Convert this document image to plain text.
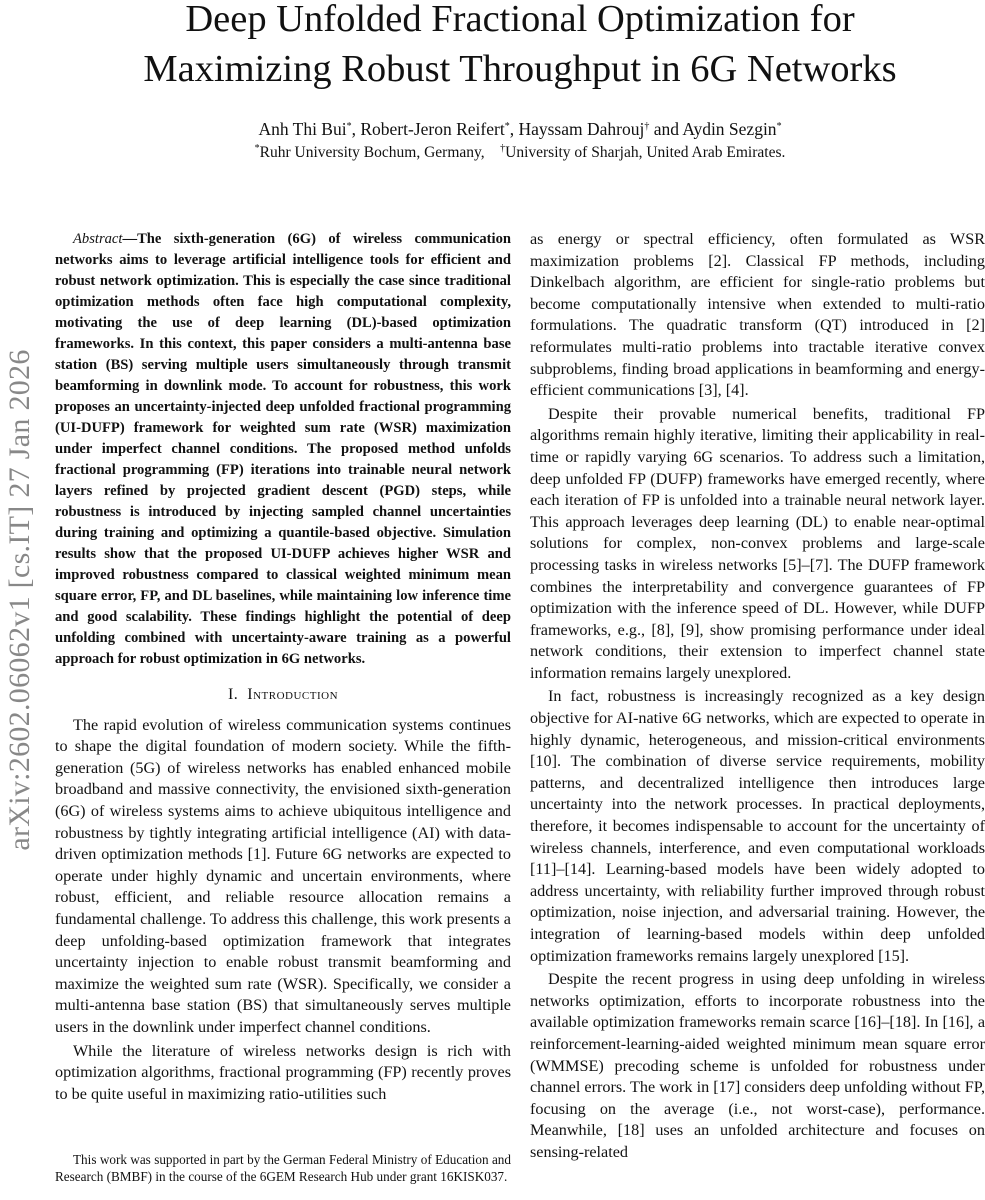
Deep Unfolded Fractional Optimization for
Maximizing Robust Throughput in 6G Networks
Anh Thi Bui*, Robert-Jeron Reifert*, Hayssam Dahrouj† and Aydin Sezgin*
*Ruhr University Bochum, Germany, †University of Sharjah, United Arab Emirates.
arXiv:2602.06062v1 [cs.IT] 27 Jan 2026

Abstract—The sixth-generation (6G) of wireless communication networks aims to leverage artificial intelligence tools for efficient and robust network optimization. This is especially the case since traditional optimization methods often face high computational complexity, motivating the use of deep learning (DL)-based optimization frameworks. In this context, this paper considers a multi-antenna base station (BS) serving multiple users simultaneously through transmit beamforming in downlink mode. To account for robustness, this work proposes an uncertainty-injected deep unfolded fractional programming (UI-DUFP) framework for weighted sum rate (WSR) maximization under imperfect channel conditions. The proposed method unfolds fractional programming (FP) iterations into trainable neural network layers refined by projected gradient descent (PGD) steps, while robustness is introduced by injecting sampled channel uncertainties during training and optimizing a quantile-based objective. Simulation results show that the proposed UI-DUFP achieves higher WSR and improved robustness compared to classical weighted minimum mean square error, FP, and DL baselines, while maintaining low inference time and good scalability. These findings highlight the potential of deep unfolding combined with uncertainty-aware training as a powerful approach for robust optimization in 6G networks.

I. Introduction

The rapid evolution of wireless communication systems continues to shape the digital foundation of modern society. While the fifth-generation (5G) of wireless networks has enabled enhanced mobile broadband and massive connectivity, the envisioned sixth-generation (6G) of wireless systems aims to achieve ubiquitous intelligence and robustness by tightly integrating artificial intelligence (AI) with data-driven optimization methods [1]. Future 6G networks are expected to operate under highly dynamic and uncertain environments, where robust, efficient, and reliable resource allocation remains a fundamental challenge. To address this challenge, this work presents a deep unfolding-based optimization framework that integrates uncertainty injection to enable robust transmit beamforming and maximize the weighted sum rate (WSR). Specifically, we consider a multi-antenna base station (BS) that simultaneously serves multiple users in the downlink under imperfect channel conditions.

While the literature of wireless networks design is rich with optimization algorithms, fractional programming (FP) recently proves to be quite useful in maximizing ratio-utilities such

This work was supported in part by the German Federal Ministry of Education and Research (BMBF) in the course of the 6GEM Research Hub under grant 16KISK037.

as energy or spectral efficiency, often formulated as WSR maximization problems [2]. Classical FP methods, including Dinkelbach algorithm, are efficient for single-ratio problems but become computationally intensive when extended to multi-ratio formulations. The quadratic transform (QT) introduced in [2] reformulates multi-ratio problems into tractable iterative convex subproblems, finding broad applications in beamforming and energy-efficient communications [3], [4].

Despite their provable numerical benefits, traditional FP algorithms remain highly iterative, limiting their applicability in real-time or rapidly varying 6G scenarios. To address such a limitation, deep unfolded FP (DUFP) frameworks have emerged recently, where each iteration of FP is unfolded into a trainable neural network layer. This approach leverages deep learning (DL) to enable near-optimal solutions for complex, non-convex problems and large-scale processing tasks in wireless networks [5]–[7]. The DUFP framework combines the interpretability and convergence guarantees of FP optimization with the inference speed of DL. However, while DUFP frameworks, e.g., [8], [9], show promising performance under ideal network conditions, their extension to imperfect channel state information remains largely unexplored.

In fact, robustness is increasingly recognized as a key design objective for AI-native 6G networks, which are expected to operate in highly dynamic, heterogeneous, and mission-critical environments [10]. The combination of diverse service requirements, mobility patterns, and decentralized intelligence then introduces large uncertainty into the network processes. In practical deployments, therefore, it becomes indispensable to account for the uncertainty of wireless channels, interference, and even computational workloads [11]–[14]. Learning-based models have been widely adopted to address uncertainty, with reliability further improved through robust optimization, noise injection, and adversarial training. However, the integration of learning-based models within deep unfolded optimization frameworks remains largely unexplored [15].

Despite the recent progress in using deep unfolding in wireless networks optimization, efforts to incorporate robustness into the available optimization frameworks remain scarce [16]–[18]. In [16], a reinforcement-learning-aided weighted minimum mean square error (WMMSE) precoding scheme is unfolded for robustness under channel errors. The work in [17] considers deep unfolding without FP, focusing on the average (i.e., not worst-case), performance. Meanwhile, [18] uses an unfolded architecture and focuses on sensing-related
